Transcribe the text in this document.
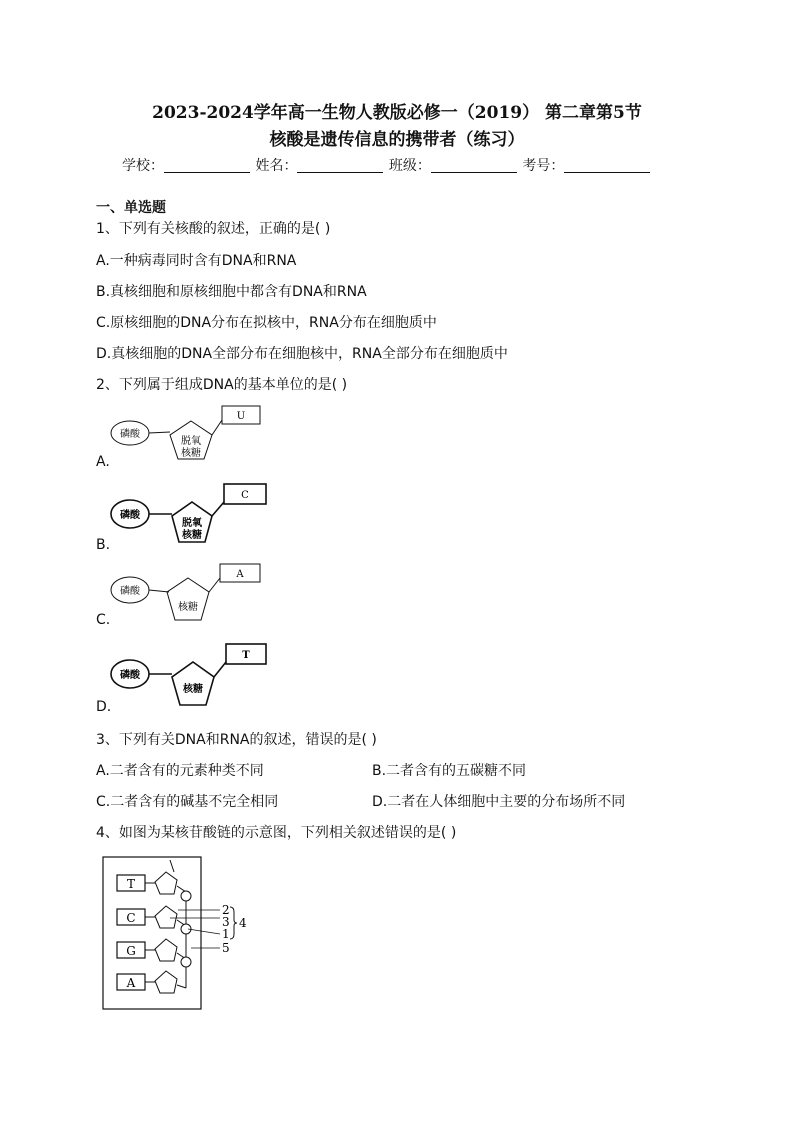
2023-2024学年高一生物人教版必修一（2019） 第二章第5节
核酸是遗传信息的携带者（练习）
学校：	姓名：	班级：	考号：
一、单选题
1、下列有关核酸的叙述，正确的是( )
A.一种病毒同时含有DNA和RNA
B.真核细胞和原核细胞中都含有DNA和RNA
C.原核细胞的DNA分布在拟核中，RNA分布在细胞质中
D.真核细胞的DNA全部分布在细胞核中，RNA全部分布在细胞质中
2、下列属于组成DNA的基本单位的是( )
A.
磷酸
脱氧
核糖
U
B.
磷酸
脱氧
核糖
C
C.
磷酸
核糖
A
D.
磷酸
核糖
T
3、下列有关DNA和RNA的叙述，错误的是( )
A.二者含有的元素种类不同	B.二者含有的五碳糖不同
C.二者含有的碱基不完全相同	D.二者在人体细胞中主要的分布场所不同
4、如图为某核苷酸链的示意图，下列相关叙述错误的是( )
T
C
G
A
2
3
1
5
4
